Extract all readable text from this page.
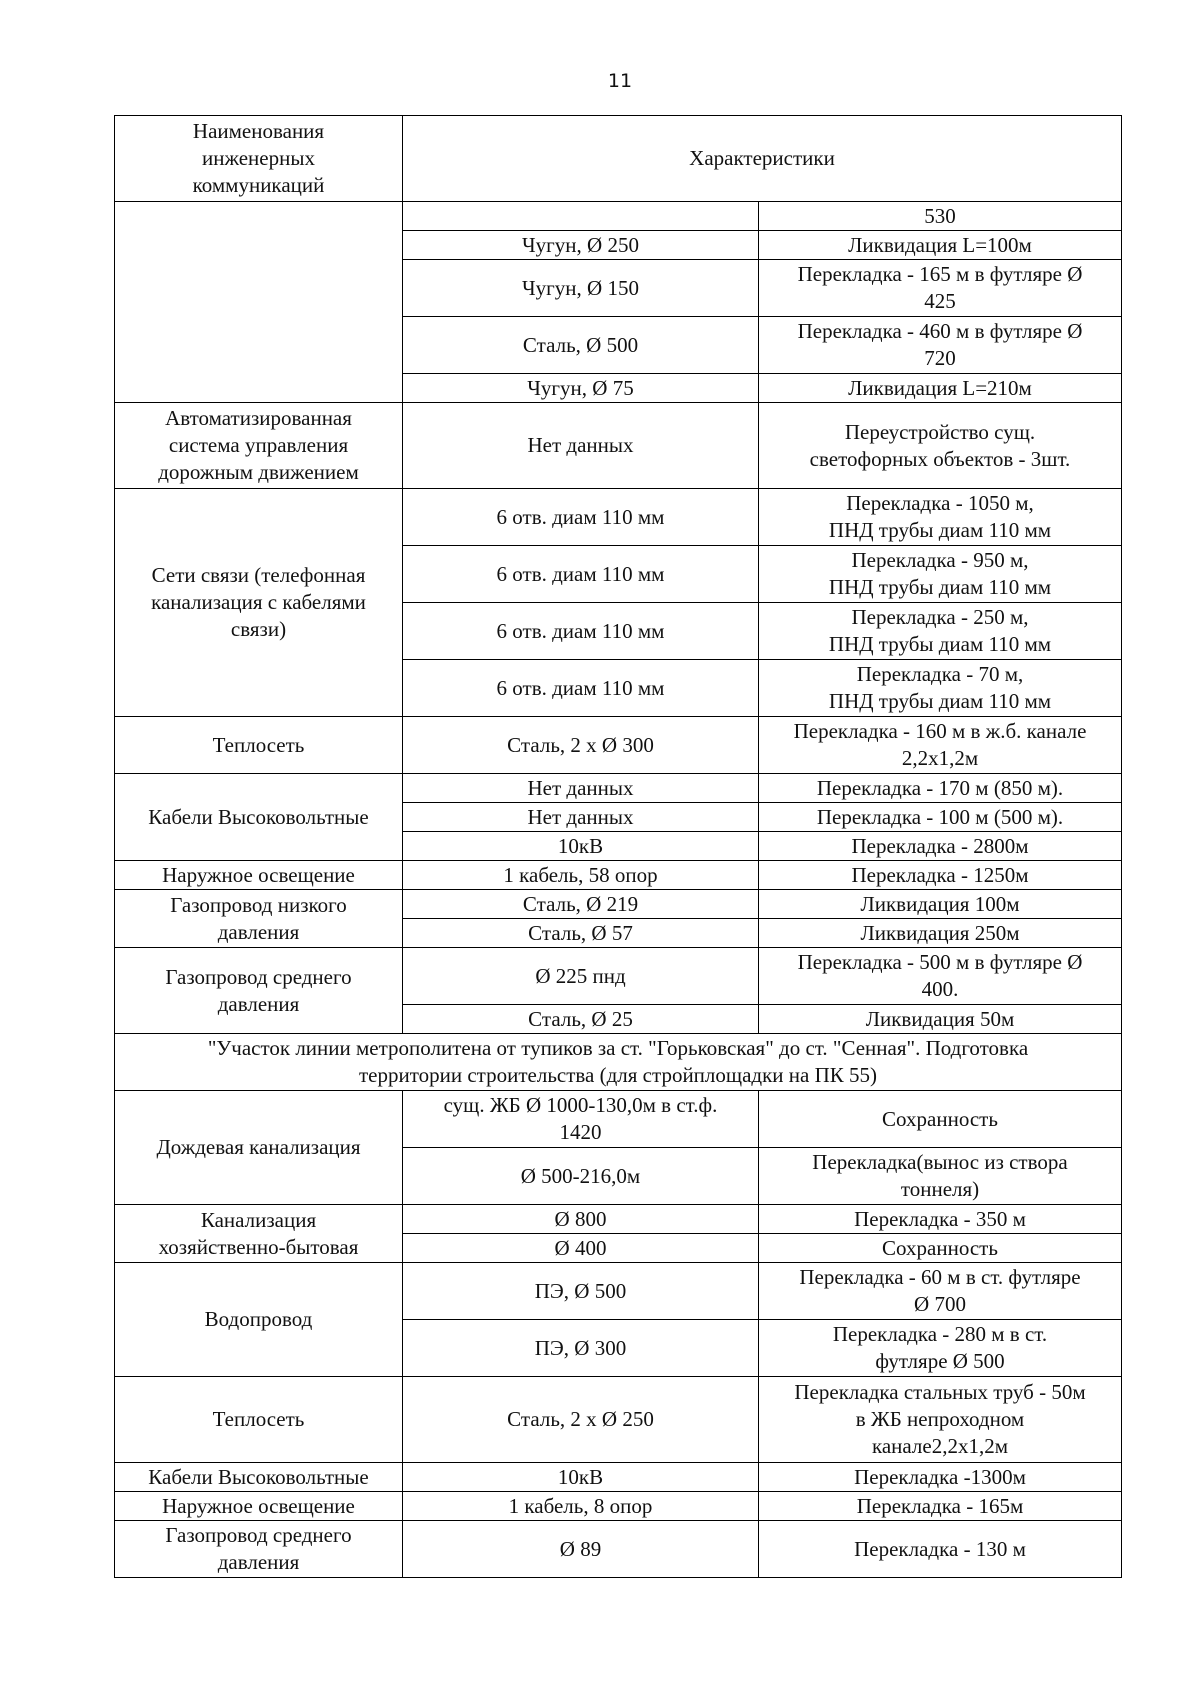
11
Наименования
инженерных
коммуникаций	Характеристики	
		530
	Чугун, Ø 250	Ликвидация L=100м
	Чугун, Ø 150	Перекладка - 165 м в футляре Ø
425
	Сталь, Ø 500	Перекладка - 460 м в футляре Ø
720
	Чугун, Ø 75	Ликвидация L=210м
Автоматизированная
система управления
дорожным движением	Нет данных	Переустройство сущ.
светофорных объектов - 3шт.
Сети связи (телефонная
канализация с кабелями
связи)	6 отв. диам 110 мм	Перекладка - 1050 м,
ПНД трубы диам 110 мм
	6 отв. диам 110 мм	Перекладка - 950 м,
ПНД трубы диам 110 мм
	6 отв. диам 110 мм	Перекладка - 250 м,
ПНД трубы диам 110 мм
	6 отв. диам 110 мм	Перекладка - 70 м,
ПНД трубы диам 110 мм
Теплосеть	Сталь, 2 х Ø 300	Перекладка - 160 м в ж.б. канале
2,2х1,2м
Кабели Высоковольтные	Нет данных	Перекладка - 170 м (850 м).
	Нет данных	Перекладка - 100 м (500 м).
	10кВ	Перекладка - 2800м
Наружное освещение	1 кабель, 58 опор	Перекладка - 1250м
Газопровод низкого
давления	Сталь, Ø 219	Ликвидация 100м
	Сталь, Ø 57	Ликвидация 250м
Газопровод среднего
давления	Ø 225 пнд	Перекладка - 500 м в футляре Ø
400.
	Сталь, Ø 25	Ликвидация 50м
"Участок линии метрополитена от тупиков за ст. "Горьковская" до ст. "Сенная". Подготовка
территории строительства (для стройплощадки на ПК 55)		
Дождевая канализация	сущ. ЖБ Ø 1000-130,0м в ст.ф.
1420	Сохранность
	Ø 500-216,0м	Перекладка(вынос из створа
тоннеля)
Канализация
хозяйственно-бытовая	Ø 800	Перекладка - 350 м
	Ø 400	Сохранность
Водопровод	ПЭ, Ø 500	Перекладка - 60 м в ст. футляре
Ø 700
	ПЭ, Ø 300	Перекладка - 280 м в ст.
футляре Ø 500
Теплосеть	Сталь, 2 х Ø 250	Перекладка стальных труб - 50м
в ЖБ непроходном
канале2,2х1,2м
Кабели Высоковольтные	10кВ	Перекладка -1300м
Наружное освещение	1 кабель, 8 опор	Перекладка - 165м
Газопровод среднего
давления	Ø 89	Перекладка - 130 м
